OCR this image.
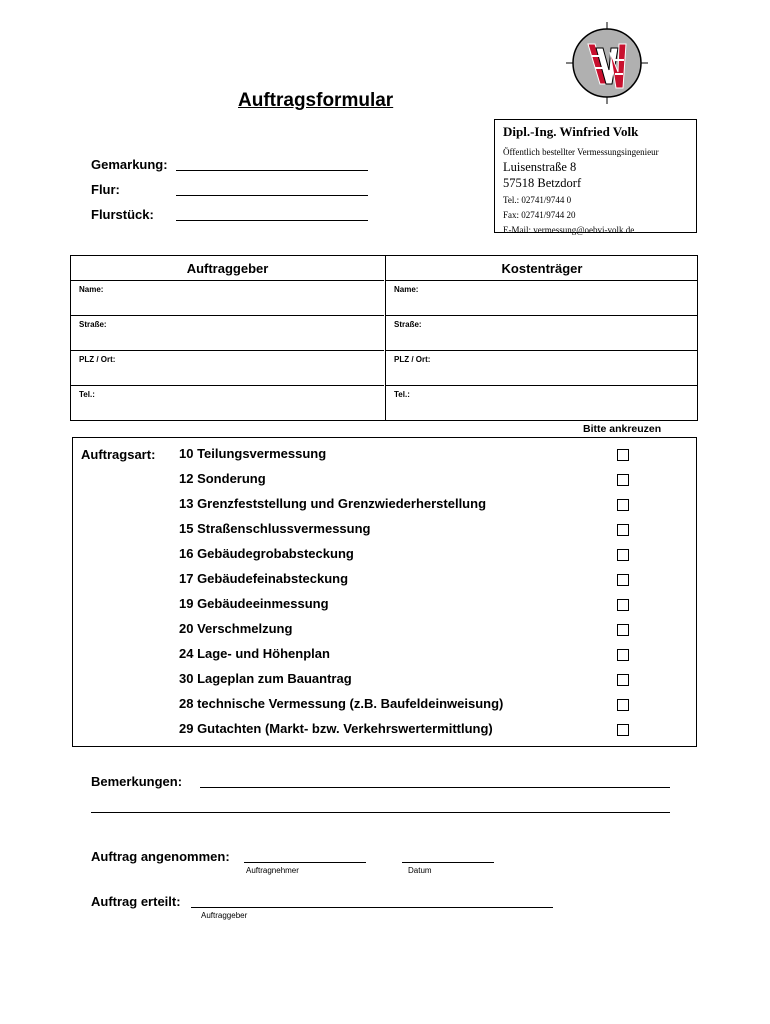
Auftragsformular
Dipl.-Ing. Winfried Volk
Öffentlich bestellter Vermessungsingenieur
Luisenstraße 8
57518 Betzdorf
Tel.: 02741/9744 0
Fax: 02741/9744 20
E-Mail: vermessung@oebvi-volk.de
Gemarkung:
Flur:
Flurstück:
Auftraggeber
Name:
Straße:
PLZ / Ort:
Tel.:
Kostenträger
Name:
Straße:
PLZ / Ort:
Tel.:
Bitte ankreuzen
Auftragsart: 10 Teilungsvermessung
12 Sonderung
13 Grenzfeststellung und Grenzwiederherstellung
15 Straßenschlussvermessung
16 Gebäudegrobabsteckung
17 Gebäudefeinabsteckung
19 Gebäudeeinmessung
20 Verschmelzung
24 Lage- und Höhenplan
30 Lageplan zum Bauantrag
28 technische Vermessung (z.B. Baufeldeinweisung)
29 Gutachten (Markt- bzw. Verkehrswertermittlung)
Bemerkungen:
Auftrag angenommen:
Auftragnehmer	Datum
Auftrag erteilt:
Auftraggeber
